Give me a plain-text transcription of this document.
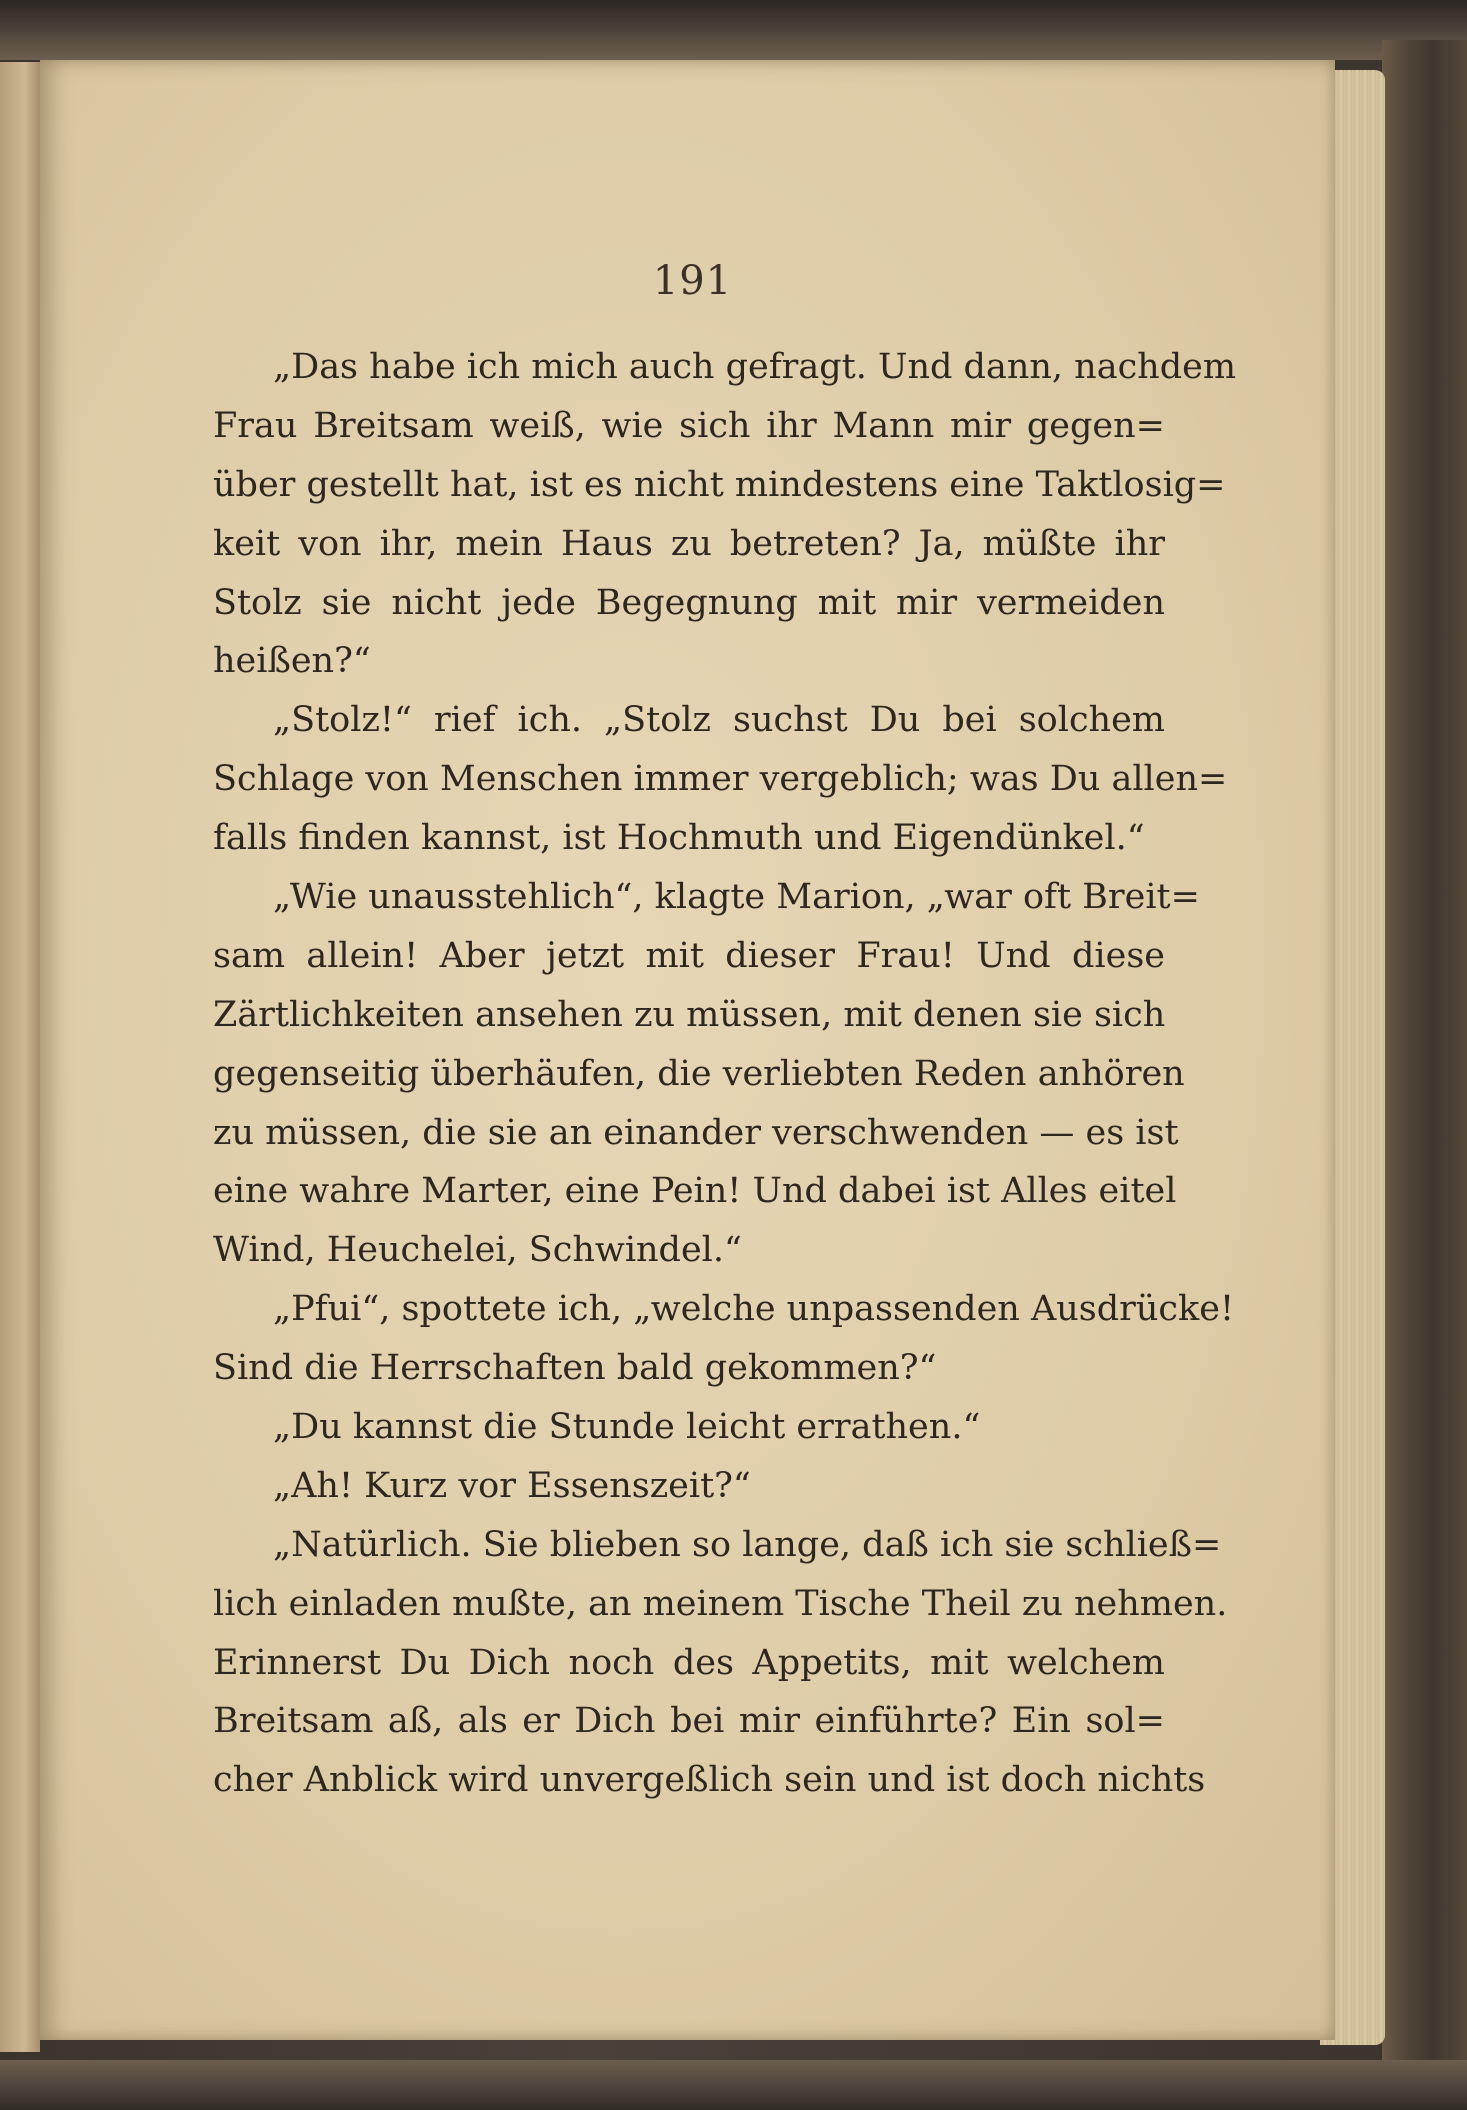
191
„Das habe ich mich auch gefragt. Und dann, nachdem
Frau Breitsam weiß, wie sich ihr Mann mir gegen=
über gestellt hat, ist es nicht mindestens eine Taktlosig=
keit von ihr, mein Haus zu betreten? Ja, müßte ihr
Stolz sie nicht jede Begegnung mit mir vermeiden
heißen?“
„Stolz!“ rief ich. „Stolz suchst Du bei solchem
Schlage von Menschen immer vergeblich; was Du allen=
falls finden kannst, ist Hochmuth und Eigendünkel.“
„Wie unausstehlich“, klagte Marion, „war oft Breit=
sam allein! Aber jetzt mit dieser Frau! Und diese
Zärtlichkeiten ansehen zu müssen, mit denen sie sich
gegenseitig überhäufen, die verliebten Reden anhören
zu müssen, die sie an einander verschwenden — es ist
eine wahre Marter, eine Pein! Und dabei ist Alles eitel
Wind, Heuchelei, Schwindel.“
„Pfui“, spottete ich, „welche unpassenden Ausdrücke!
Sind die Herrschaften bald gekommen?“
„Du kannst die Stunde leicht errathen.“
„Ah! Kurz vor Essenszeit?“
„Natürlich. Sie blieben so lange, daß ich sie schließ=
lich einladen mußte, an meinem Tische Theil zu nehmen.
Erinnerst Du Dich noch des Appetits, mit welchem
Breitsam aß, als er Dich bei mir einführte? Ein sol=
cher Anblick wird unvergeßlich sein und ist doch nichts
